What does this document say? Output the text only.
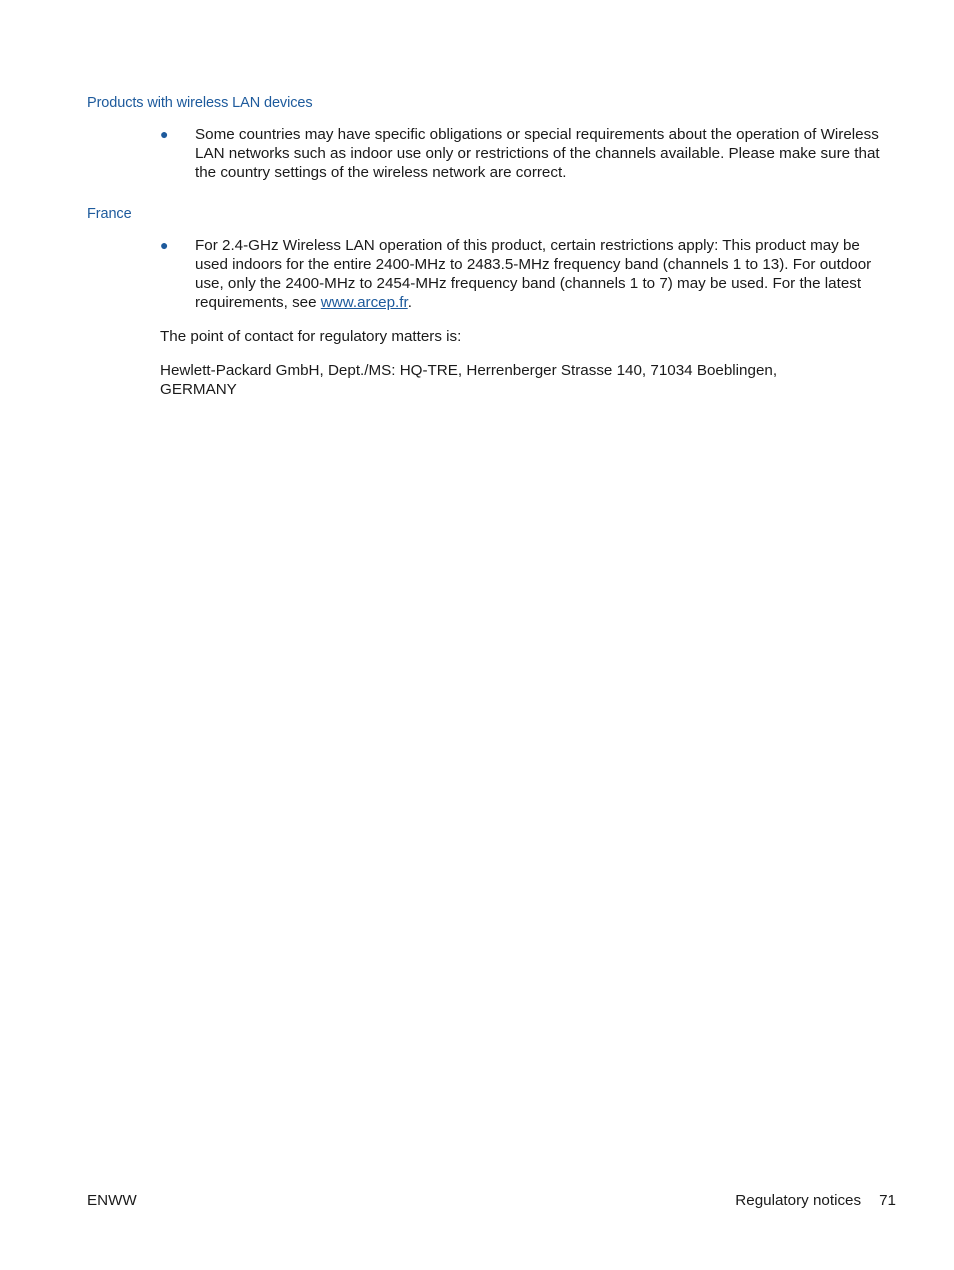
Products with wireless LAN devices
● Some countries may have specific obligations or special requirements about the operation of Wireless LAN networks such as indoor use only or restrictions of the channels available. Please make sure that the country settings of the wireless network are correct.

France
● For 2.4-GHz Wireless LAN operation of this product, certain restrictions apply: This product may be used indoors for the entire 2400-MHz to 2483.5-MHz frequency band (channels 1 to 13). For outdoor use, only the 2400-MHz to 2454-MHz frequency band (channels 1 to 7) may be used. For the latest requirements, see www.arcep.fr.

The point of contact for regulatory matters is:

Hewlett-Packard GmbH, Dept./MS: HQ-TRE, Herrenberger Strasse 140, 71034 Boeblingen, GERMANY

ENWW	Regulatory notices 71
